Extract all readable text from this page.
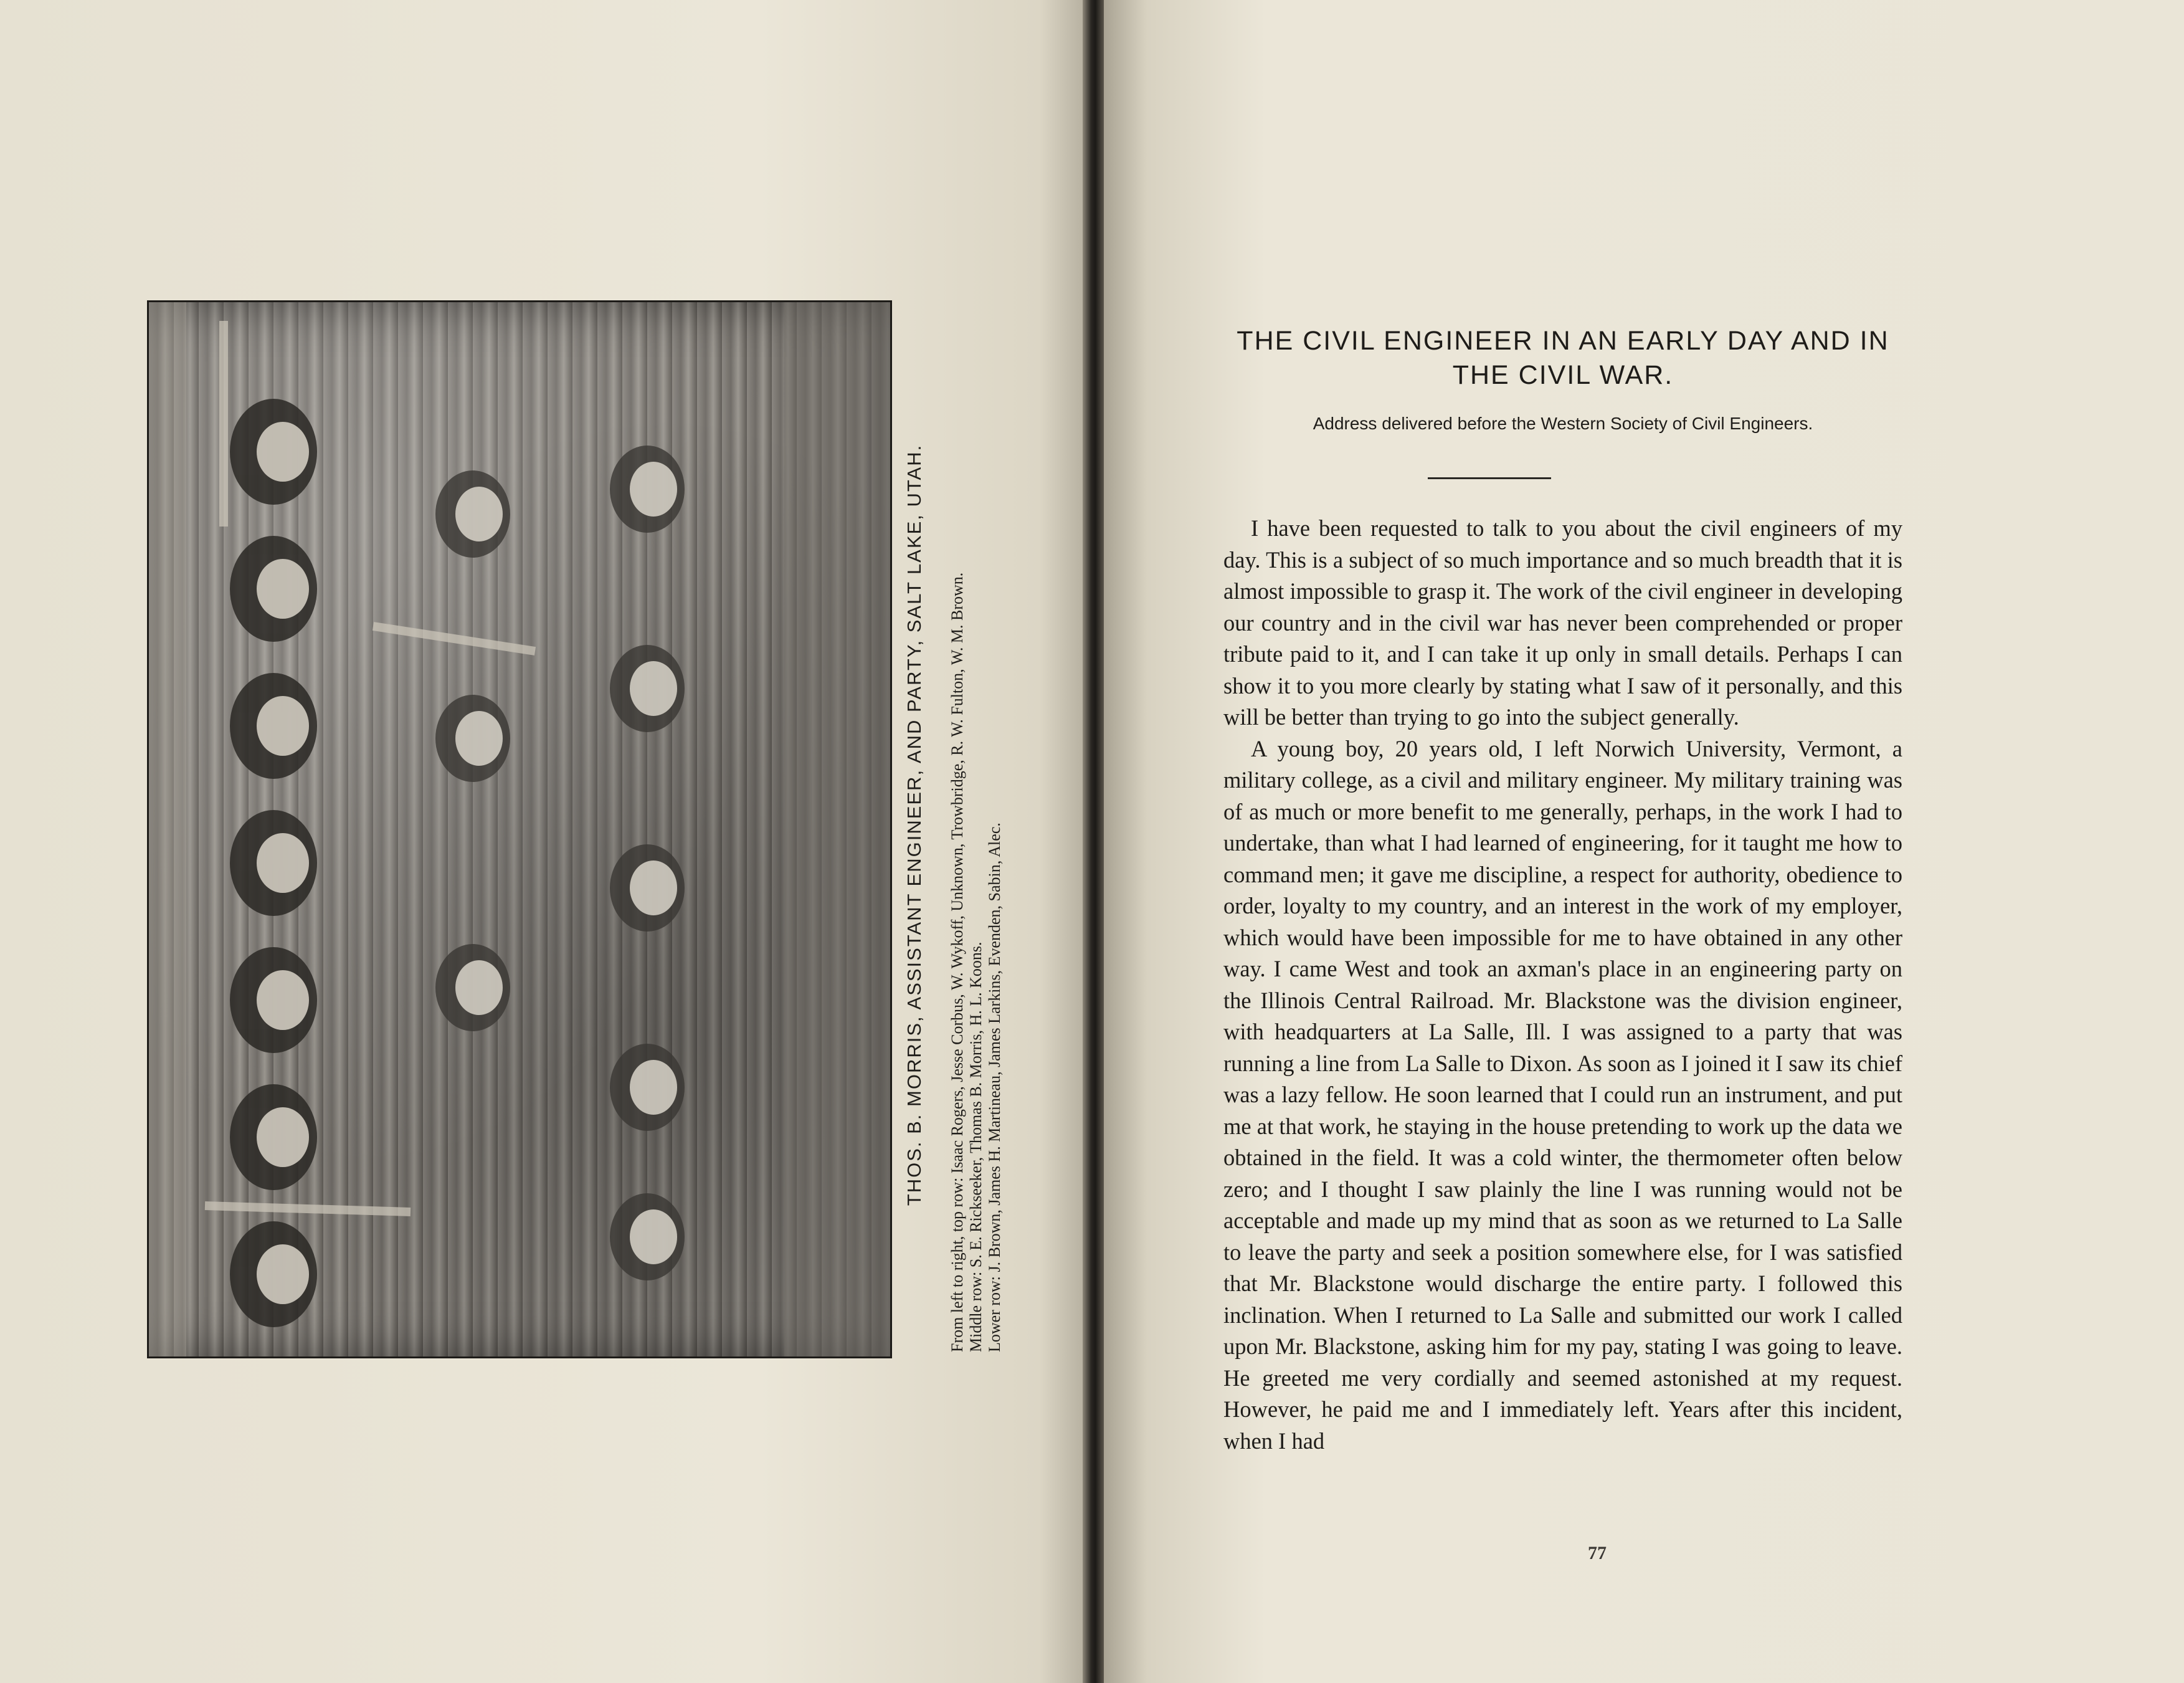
THOS. B. MORRIS, ASSISTANT ENGINEER, AND PARTY, SALT LAKE, UTAH. From left to right, top row: Isaac Rogers, Jesse Corbus, W. Wykoff, Unknown, Trowbridge, R. W. Fulton, W. M. Brown. Middle row: S. E. Rickseeker, Thomas B. Morris, H. L. Koons. Lower row: J. Brown, James H. Martineau, James Larkins, Evenden, Sabin, Alec.
THE CIVIL ENGINEER IN AN EARLY DAY AND IN
THE CIVIL WAR.
Address delivered before the Western Society of Civil Engineers.

I have been requested to talk to you about the civil engineers of my day. This is a subject of so much importance and so much breadth that it is almost impossible to grasp it. The work of the civil engineer in developing our country and in the civil war has never been comprehended or proper tribute paid to it, and I can take it up only in small details. Perhaps I can show it to you more clearly by stating what I saw of it personally, and this will be better than trying to go into the subject generally.

A young boy, 20 years old, I left Norwich University, Vermont, a military college, as a civil and military engineer. My military training was of as much or more benefit to me generally, perhaps, in the work I had to undertake, than what I had learned of engineering, for it taught me how to command men; it gave me discipline, a respect for authority, obedience to order, loyalty to my country, and an interest in the work of my employer, which would have been impossible for me to have obtained in any other way. I came West and took an axman's place in an engineering party on the Illinois Central Railroad. Mr. Blackstone was the division engineer, with headquarters at La Salle, Ill. I was assigned to a party that was running a line from La Salle to Dixon. As soon as I joined it I saw its chief was a lazy fellow. He soon learned that I could run an instrument, and put me at that work, he staying in the house pretending to work up the data we obtained in the field. It was a cold winter, the thermometer often below zero; and I thought I saw plainly the line I was running would not be acceptable and made up my mind that as soon as we returned to La Salle to leave the party and seek a position somewhere else, for I was satisfied that Mr. Blackstone would discharge the entire party. I followed this inclination. When I returned to La Salle and submitted our work I called upon Mr. Blackstone, asking him for my pay, stating I was going to leave. He greeted me very cordially and seemed astonished at my request. However, he paid me and I immediately left. Years after this incident, when I had

77
